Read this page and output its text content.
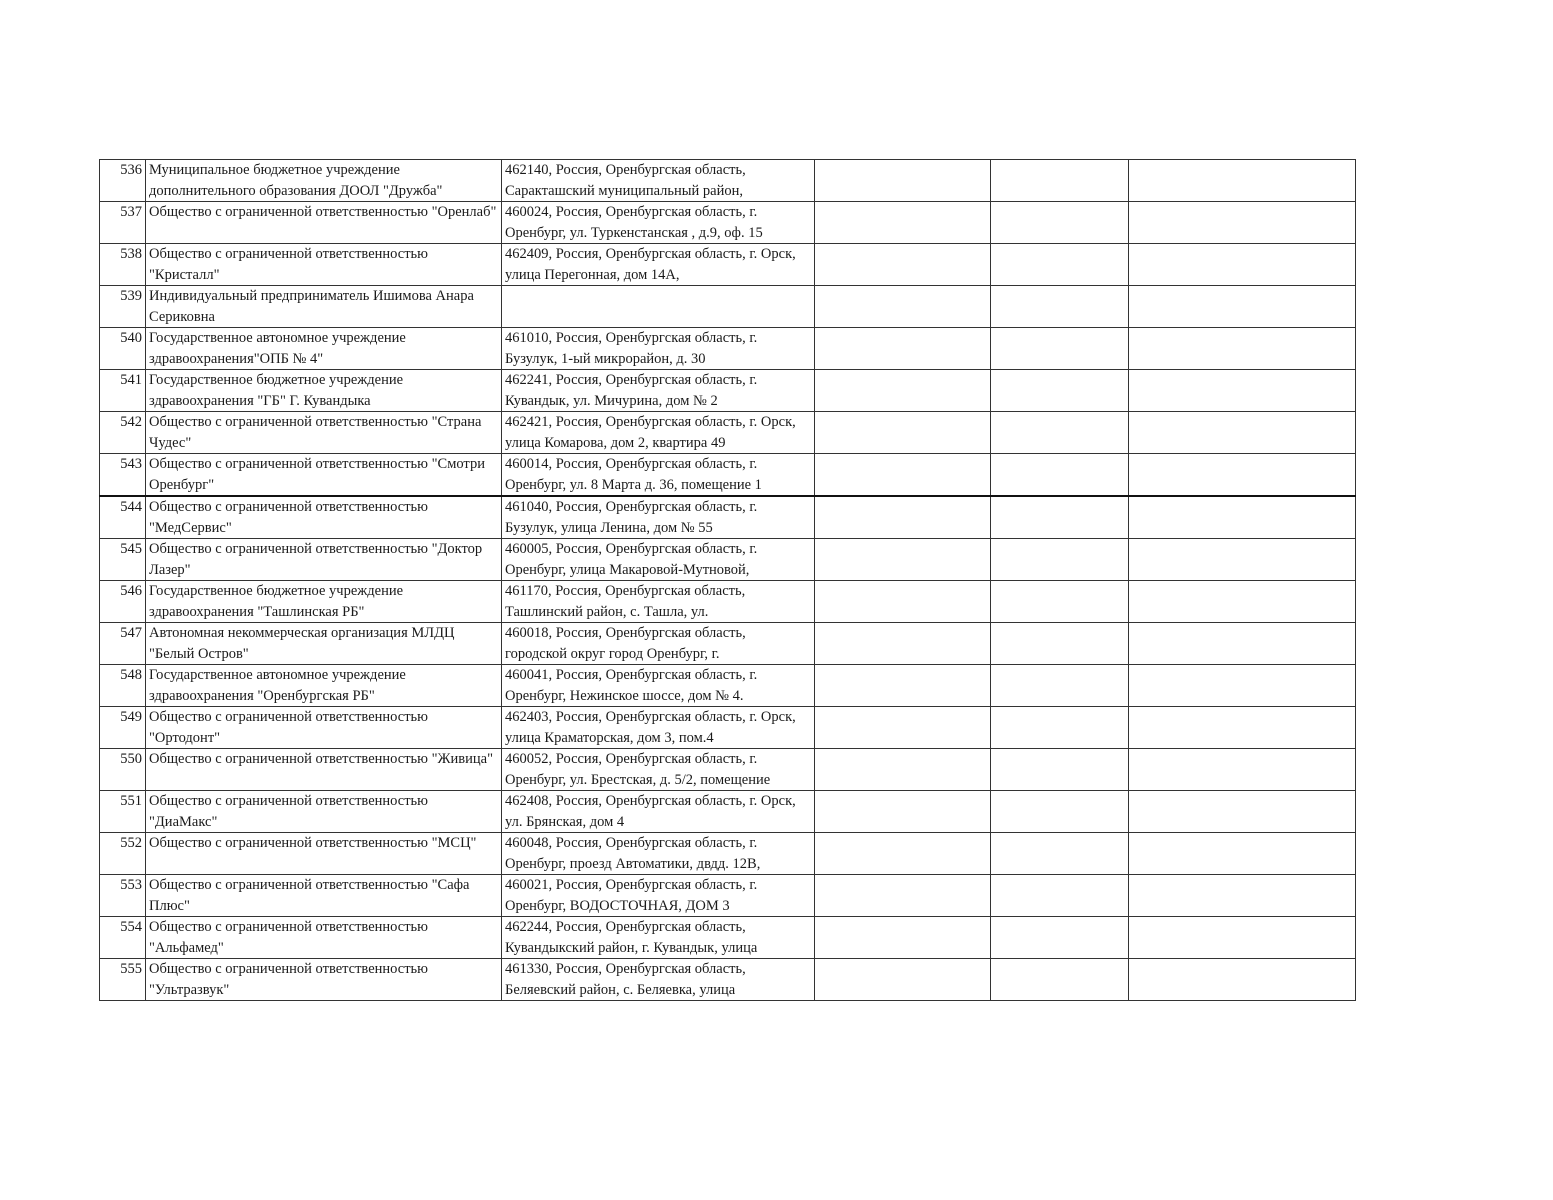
536	Муниципальное бюджетное учреждение дополнительного образования ДООЛ "Дружба"	462140, Россия, Оренбургская область, Саракташский муниципальный район,			

537	Общество с ограниченной ответственностью "Оренлаб"	460024, Россия, Оренбургская область, г. Оренбург, ул. Туркенстанская , д.9, оф. 15			

538	Общество с ограниченной ответственностью "Кристалл"	462409, Россия, Оренбургская область, г. Орск, улица Перегонная, дом 14А,			

539	Индивидуальный предприниматель Ишимова Анара Сериковна				

540	Государственное автономное учреждение здравоохранения"ОПБ № 4"	461010, Россия, Оренбургская область, г. Бузулук, 1-ый микрорайон, д. 30			

541	Государственное бюджетное учреждение здравоохранения "ГБ" Г. Кувандыка	462241, Россия, Оренбургская область, г. Кувандык, ул. Мичурина, дом № 2			

542	Общество с ограниченной ответственностью "Страна Чудес"	462421, Россия, Оренбургская область, г. Орск, улица Комарова, дом 2, квартира 49			

543	Общество с ограниченной ответственностью "Смотри Оренбург"	460014, Россия, Оренбургская область, г. Оренбург, ул. 8 Марта д. 36, помещение 1			

544	Общество с ограниченной ответственностью "МедСервис"	461040, Россия, Оренбургская область, г. Бузулук, улица Ленина, дом № 55			

545	Общество с ограниченной ответственностью "Доктор Лазер"	460005, Россия, Оренбургская область, г. Оренбург, улица Макаровой-Мутновой,			

546	Государственное бюджетное учреждение здравоохранения "Ташлинская РБ"	461170, Россия, Оренбургская область, Ташлинский район, с. Ташла, ул.			

547	Автономная некоммерческая организация МЛДЦ "Белый Остров"	460018, Россия, Оренбургская область, городской округ город Оренбург, г.			

548	Государственное автономное учреждение здравоохранения "Оренбургская РБ"	460041, Россия, Оренбургская область, г. Оренбург, Нежинское шоссе, дом № 4.			

549	Общество с ограниченной ответственностью "Ортодонт"	462403, Россия, Оренбургская область, г. Орск, улица Краматорская, дом 3, пом.4			

550	Общество с ограниченной ответственностью "Живица"	460052, Россия, Оренбургская область, г. Оренбург, ул. Брестская, д. 5/2, помещение			

551	Общество с ограниченной ответственностью "ДиаМакс"	462408, Россия, Оренбургская область, г. Орск, ул. Брянская, дом 4			

552	Общество с ограниченной ответственностью "МСЦ"	460048, Россия, Оренбургская область, г. Оренбург, проезд Автоматики, двдд. 12В,			

553	Общество с ограниченной ответственностью "Сафа Плюс"	460021, Россия, Оренбургская область, г. Оренбург, ВОДОСТОЧНАЯ, ДОМ 3			

554	Общество с ограниченной ответственностью "Альфамед"	462244, Россия, Оренбургская область, Кувандыкский район, г. Кувандык, улица			

555	Общество с ограниченной ответственностью "Ультразвук"	461330, Россия, Оренбургская область, Беляевский район, с. Беляевка, улица			
